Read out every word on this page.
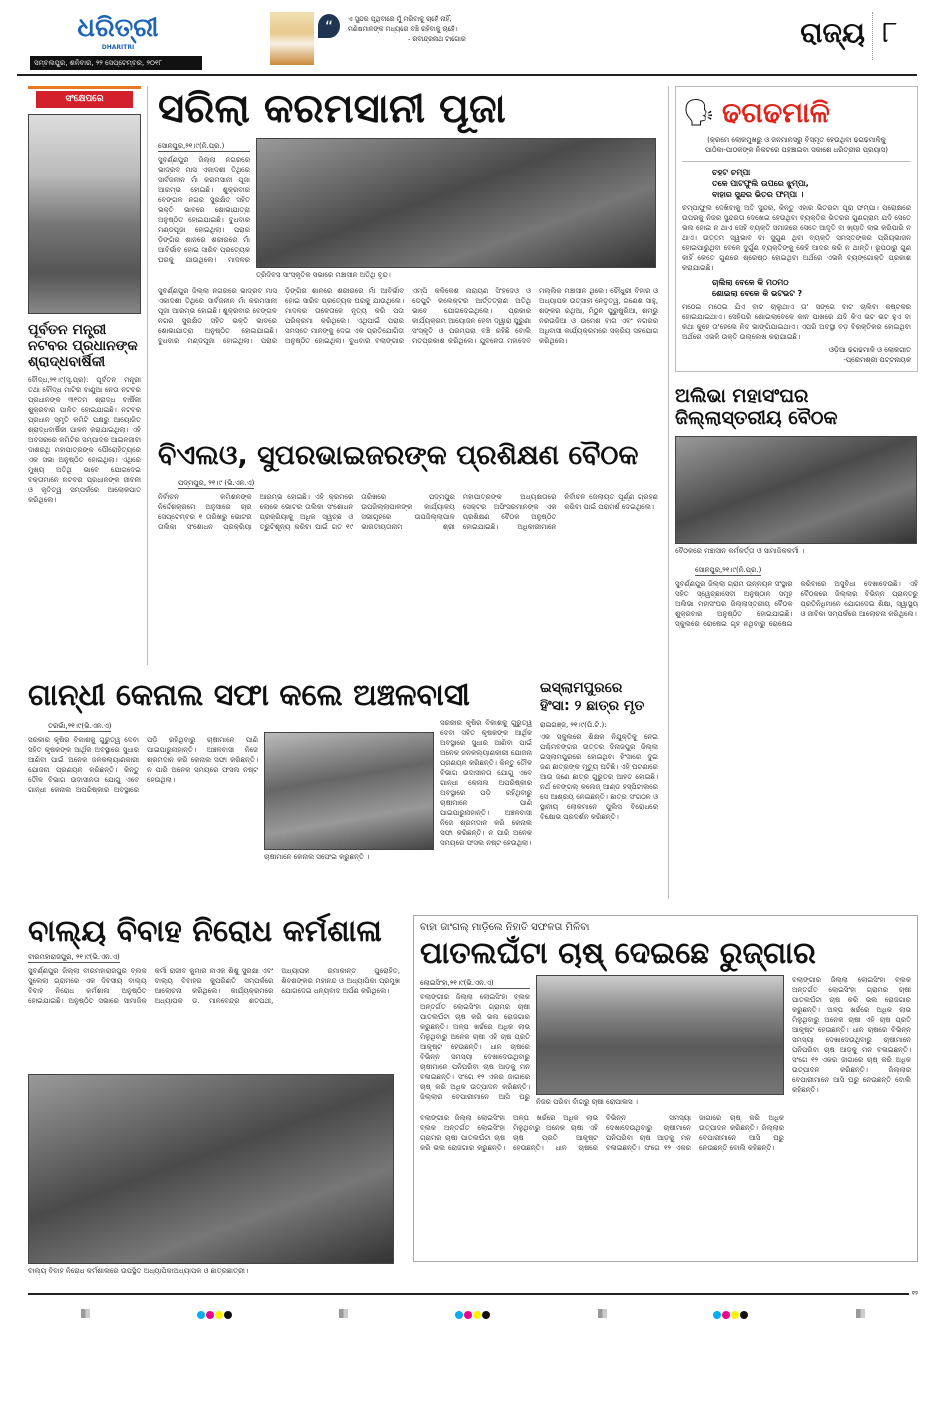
ଧରିତ୍ରୀ
DHARITRI
ସମ୍ବଲପୁର, ଶନିବାର, ୨୨ ସେପ୍ଟେମ୍ବର, ୨୦୧୮
“	ଏ ସୁନ୍ଦର ପୃଥିବୀରେ ମୁଁ ମରିବାକୁ ଚାହେଁ ନାହିଁ,
ମଣିଷମାନଙ୍କ ମଧ୍ୟରେ ବଞ୍ଚି ରହିବାକୁ ଚାହେଁ।
- ରବୀନ୍ଦ୍ରନାଥ ଟାଗୋର	ରାଜ୍ୟ ୮
ସଂକ୍ଷେପରେ
ପୂର୍ବତନ ମନ୍ତ୍ରୀ ନଟବର ପ୍ରଧାନଙ୍କ ଶ୍ରାଦ୍ଧବାର୍ଷିକୀ
ବୌଦ୍ଧ,୨୧।୯(ସୃ.ପ୍ର): ପୂର୍ବତନ ମନ୍ତ୍ରୀ ତଥା ବୌଦ୍ଧ ମାଟିର ବାଣୁଆ ନେତା ନଟବର ପ୍ରଧାନଙ୍କ ୩୧ତମ ଶ୍ରାଦ୍ଧ ବାର୍ଷିକୀ ଶୁକ୍ରବାର ପାଳିତ ହୋଇଯାଇଛି। ନଟବର ପ୍ରଧାନ ସ୍ମୃତି କମିଟି ପକ୍ଷରୁ ଆୟୋଜିତ ଶ୍ରାଦ୍ଧବାର୍ଷିକୀ ପାଳନ କରାଯାଇଥିଲା। ଏହି ଅବସରରେ କମିଟିର ସମ୍ପାଦକ ଆଇନଜୀବୀ ଦାଶରଥି ମହାପାତ୍ରଙ୍କ ପୌରୋହିତ୍ୟରେ ଏକ ସଭା ଅନୁଷ୍ଠିତ ହୋଇଥିଲା। ଏଥିରେ ମୁଖ୍ୟ ଅତିଥି ଭାବେ ଯୋଗଦେଇ ବକ୍ତାମାନେ ନଟବର ପ୍ରଧାନଙ୍କ ଜୀବନୀ ଓ କୃତିତ୍ୱ ସମ୍ପର୍କରେ ଆଲୋକପାତ କରିଥିଲେ।
ସରିଲା କରମସାନୀ ପୂଜା
ସୋନପୁର,୨୧।୯(ନି.ପ୍ର.)
ସୁବର୍ଣ୍ଣପୁର ଜିଲ୍ଲା ନଗରରେ ଭାଦ୍ରବ ମାସ ଏକାଦଶୀ ତିଥିରେ ସାର୍ବଜନୀନ ମାଁ କରମସାନୀ ପୂଜା ଆରମ୍ଭ ହୋଇଛି। ଶୁକ୍ରବାର ବେଙ୍ଗଳ ନଗର ସୁରକ୍ଷିତ ସହିତ ଭକ୍ତି ଭାବରେ ଶୋଭାଯାତ୍ରା ଅନୁଷ୍ଠିତ ହୋଇଯାଇଛି। ବୁଧବାର ମଣ୍ଡପୂଜା ହୋଇଥିଲା। ପରାର ଡ଼ିଙ୍ଗିର ଶାନରେ ଶରୀରରେ ମାଁ ଆବିର୍ଭାବ ହୋଇ ସାରିବ ପ୍ରତ୍ୟେକ ଘରକୁ ଯାଉଥିଲେ। ମାଦଳର
ତ୍ରିଦିବସ ସାଂସ୍କୃତିକ ସଭାରେ ମଞ୍ଚାସୀନ ଅତିଥି ବୃନ୍ଦ।
ସୁବର୍ଣ୍ଣପୁର ଜିଲ୍ଲା ନଗରରେ ଭାଦ୍ରବ ମାସ ଏକାଦଶୀ ତିଥିରେ ସାର୍ବଜନୀନ ମାଁ କରମସାନୀ ପୂଜା ଆରମ୍ଭ ହୋଇଛି। ଶୁକ୍ରବାର ବେଙ୍ଗଳ ନଗର ସୁରକ୍ଷିତ ସହିତ ଭକ୍ତି ଭାବରେ ଶୋଭାଯାତ୍ରା ଅନୁଷ୍ଠିତ ହୋଇଯାଇଛି। ବୁଧବାର ମଣ୍ଡପୂଜା ହୋଇଥିଲା। ପରାର ଡ଼ିଙ୍ଗିର ଶାନରେ ଶରୀରରେ ମାଁ ଆବିର୍ଭାବ ହୋଇ ସାରିବ ପ୍ରତ୍ୟେକ ଘରକୁ ଯାଉଥିଲେ। ମାଦଳର ତାଳେତାଳେ ନୃତ୍ୟ କରି ପତା ପରିକ୍ରମା କରିଥିଲେ। ଏଥିପାଇଁ ପରାର ସମସ୍ତେ ମାନଙ୍କୁ ଦେଇ ଏକ ପ୍ରତିଯୋଗିତା ଅନୁଷ୍ଠିତ ହୋଇଥିଲା। ବୁଧବାର ବଲାଙ୍ଗୀର ଏମ୍‌ପି କଳିକେଶ ନାରାୟଣ ସିଂହଦେଓ ଓ ଡେପୁଟି କଲେକ୍ଟର ଆର୍ତ୍ତତ୍ରାଣ ଅତିଥି ଭାବେ ଯୋଗଦେଇଥିଲେ। ପ୍ରକାର କାର୍ଯ୍ୟକ୍ରମ ଆୟୋଜନ ହେବା ଦ୍ୱାରା ପୁରୁଣା ସଂସ୍କୃତି ଓ ପରମ୍ପରା ବଞ୍ଚି ରହିଛି ବୋଲି ମତପ୍ରକାଶ କରିଥିଲେ। ଯୁବନେତା ମହାଦେବ ମଲ୍ଲିକ ମଞ୍ଚାସୀନ ଥିଲେ। ଚୌଧୁରୀ ବିହାର ଓ ଅଧ୍ୟାପକ ଉତ୍ସାହୀ ନେତୃତ୍ୱ, ଗଣେଶ ସାହୁ, ଶଙ୍କର ରଥିଆ, ମିଠୁନ ପୁରୁଷୁରିଆ, ଶମ୍ଭୁ ନରଉଜିଆ ଓ ଉମେଶ ବାଗ ଏବଂ ନଗରର ଅଧିବାସୀ କାର୍ଯ୍ୟକ୍ରମରେ ସକ୍ରିୟ ସହଯୋଗ କରିଥିଲେ।
ବିଏଲଓ, ସୁପରଭାଇଜରଙ୍କ ପ୍ରଶିକ୍ଷଣ ବୈଠକ
ପଦ୍ମପୁର, ୨୧।୯ (ଭି.ଏନ.ଏ)
ନିର୍ବାଚନ କମିଶନଙ୍କ ନିର୍ଦ୍ଦେଶକ୍ରମେ ଅନୁସାରେ ଚାର ସେପ୍ଟେମ୍ବର ୧ ତାରିଖରୁ ଭୋଟର ତାଲିକା ସଂଶୋଧନ ପ୍ରକ୍ରିୟା ଆରମ୍ଭ ହୋଇଛି। ଏହି କ୍ରମରେ ଲୋକେ ଭୋଟର ତାଲିକା ସଂଶୋଧନ ପ୍ରକ୍ରିୟାକୁ ଅଧିକ ସ୍ୱଚ୍ଛ ଓ ତ୍ରୁଟିଶୂନ୍ୟ କରିବା ପାଇଁ ଗତ ୧୯ ତାରିଖରେ ପଦ୍ମପୁର ଉପଜିଲ୍ଲାପାଳଙ୍କ କାର୍ଯ୍ୟାଳୟ ସଭାଗୃହରେ ଉପଜିଲ୍ଲାପାଳ ଭାରତୀୟତାନାମ ଶ୍ରୀ ମହାପାତ୍ରଙ୍କ ଅଧ୍ୟକ୍ଷତାରେ ସେକ୍ଟର ଅଫିସରମାନଙ୍କ ଏକ ପ୍ରଶିକ୍ଷଣ ବୈଠକ ଅନୁଷ୍ଠିତ ହୋଇଯାଇଛି। ଅଧିକାରୀମାନେ ନିର୍ବାଚନ ଜେଲାୟତ ପୂର୍ଣ୍ଣ ଗ୍ରହଣ କରିବା ପାଇଁ ପରାମର୍ଶ ଦେଇଥିଲେ।
ଗାନ୍ଧୀ କେନାଲ ସଫା କଲେ ଅଞ୍ଚଳବାସୀ
ତରଭାଁ,୨୧।୯(ଭି.ଏନ.ଏ)
ସରକାର କୃଷିର ବିକାଶକୁ ଗୁରୁତ୍ୱ ଦେବା ସହିତ କୃଷକଙ୍କ ଆର୍ଥିକ ଅବସ୍ଥାରେ ସୁଧାର ଆଣିବା ପାଇଁ ଅନେକ ଜନକଲ୍ୟାଣକାରୀ ଯୋଜନା ପ୍ରଣୟନ କରିଛନ୍ତି। କିନ୍ତୁ ତୌଳ ବିଭାଗ ଉଦାସୀନତା ଯୋଗୁ ଏବେ ଗାନ୍ଧୀ କେନାଲ ଅପରିଷ୍କାର ଅବସ୍ଥାରେ ପଡ଼ି ରହିଥିବାରୁ ଚାଷୀମାନେ ପାଣି ପାଇପାରୁନାହାନ୍ତି। ଅଞ୍ଚଳବାସୀ ନିଜେ ଶ୍ରମଦାନ କରି କେନାଲ ସଫା କରିଛନ୍ତି। ନ ପାରି ଅନେକ ସମୟରେ ଫସଲ ନଷ୍ଟ ହେଉଥିଲା।
ଚାଷୀମାନେ କେନାଲ ସଫେଇ କରୁଛନ୍ତି ।
ସରକାର କୃଷିର ବିକାଶକୁ ଗୁରୁତ୍ୱ ଦେବା ସହିତ କୃଷକଙ୍କ ଆର୍ଥିକ ଅବସ୍ଥାରେ ସୁଧାର ଆଣିବା ପାଇଁ ଅନେକ ଜନକଲ୍ୟାଣକାରୀ ଯୋଜନା ପ୍ରଣୟନ କରିଛନ୍ତି। କିନ୍ତୁ ତୌଳ ବିଭାଗ ଉଦାସୀନତା ଯୋଗୁ ଏବେ ଗାନ୍ଧୀ କେନାଲ ଅପରିଷ୍କାର ଅବସ୍ଥାରେ ପଡ଼ି ରହିଥିବାରୁ ଚାଷୀମାନେ ପାଣି ପାଇପାରୁନାହାନ୍ତି। ଅଞ୍ଚଳବାସୀ ନିଜେ ଶ୍ରମଦାନ କରି କେନାଲ ସଫା କରିଛନ୍ତି। ନ ପାରି ଅନେକ ସମୟରେ ଫସଲ ନଷ୍ଟ ହେଉଥିଲା।
ଇସ୍‌ଲାମପୁରରେ
ହିଂସା: ୨ ଛାତ୍ର ମୃତ
ରାଇଗଞ୍ଜ, ୨୧।୯(ପି.ଟି.):
ଏକ ସ୍କୁଲରେ ଶିକ୍ଷକ ନିଯୁକ୍ତିକୁ ନେଇ ପଶ୍ଚିମବଙ୍ଗର ଉତ୍ତର ଦିନାଜପୁର ଜିଲ୍ଲା ଇସ୍‌ଲାମପୁରରେ ହୋଇଥିବା ହିଂସାରେ ଦୁଇ ଜଣ ଛାତ୍ରଙ୍କ ମୃତ୍ୟୁ ଘଟିଛି। ଏହି ଘଟଣାରେ ଆଉ ଜଣେ ଛାତ୍ର ଗୁରୁତର ଆହତ ହୋଇଛି। ନର୍ଥ ବେଙ୍ଗଲ୍ କଲେଜ୍ ଆଣ୍ଡ ହସ୍ପିଟାଲରେ ସେ ଆଶ୍ରୟ ନେଇଛନ୍ତି। ଛାତ୍ର ସଂଗଠନ ଓ ସ୍ଥାନୀୟ ଲୋକମାନେ ପୁଲିସ ବିରୋଧରେ ବିକ୍ଷୋଭ ପ୍ରଦର୍ଶନ କରିଛନ୍ତି।
🗣 ଢଗଢମାଳି
(କ୍ରମେ ଲୋକମୁଖରୁ ଓ ଜନମାନସରୁ ବିସ୍ମୃତ ହେଉଥିବା ଢଗଢମାଳିକୁ ପାଠିକା-ପାଠକଙ୍କ ନିକଟରେ ପହଞ୍ଚାଇବା ସକାଶେ ଧରିତ୍ରୀର ପ୍ରୟାସ)
ଚହଟ ଚମ୍ପା
ତଳେ ପାଟଫୁଲି ଉପରେ ଝୁମ୍ପା,
ବାହାର ସୁନ୍ଦର ଭିତର ଫମ୍ପା ।
ଚମ୍ପାଫୁଲ ଦେଖିବାକୁ ଅତି ସୁନ୍ଦର, କିନ୍ତୁ ଏହାର ଭିତରଟା ପୂରା ଫମ୍ପା। ପରୋକ୍ଷରେ ଉପରକୁ ନିଜର ସୁନ୍ଦରତା ଦେଖେଇ ହେଉଥିବା ବ୍ୟକ୍ତିର ଭିତରର ଗୁଣଗ୍ରାମ ଯଦି ସେତେ ଭଲ ହୋଇ ନ ଥାଏ ସେହି ବ୍ୟକ୍ତି ସମାଜରେ ସେତେ ଆଦୃତି ବା ଖ୍ୟାତି ଲାଭ କରିପାରି ନ ଥାଏ। ଉତ୍ତମ ସ୍ୱଭାବ ବା ସୁଗୁଣ ଥିବା ବ୍ୟକ୍ତି ସମସ୍ତଙ୍କର ପ୍ରିୟଭାଜନ ହୋଇପାରୁଥିବା ବେଳେ ଦୁର୍ଗୁଣ ବ୍ୟକ୍ତିଙ୍କୁ କେହି ଆଦର କରି ନ ଥାନ୍ତି। ରୂପଠାରୁ ଗୁଣ କାହିଁ କେତେ ଗୁଣରେ ଶ୍ରେଷ୍ଠ ହୋଇଥିବା ଅର୍ଥରେ ଏଭଳି ବ୍ୟଙ୍ଗୋକ୍ତି ପ୍ରକାଶ କରାଯାଇଛି।
ଚାଲିଲା ବେଳେ କି ମଠମଠ
ଶୋଇଲା ବେଳେ କି ଭଟଭଟ ?
ମଠେଇ ମଠେଇ ଯିଏ ବାଟ ଚାଲୁଥାଏ ତା' ସଙ୍ଗେ ବାଟ ଚାଲିବା କଷ୍ଟକର ହୋଇଯାଇଥାଏ। ସେହିପରି ଶୋଇଲାବେଳେ କାନ ପାଖରେ ଯଦି କିଏ ଭଟ ଭଟ ହୁଏ ବା କଥା କୁହେ ତା'ହେଲେ ନିଦ ଭାଙ୍ଗିଯାଇଥାଏ। ଏପରି ଅବସ୍ଥା ବଡ଼ ବିରକ୍ତିକର ହୋଇଥିବା ଅର୍ଥରେ ଏଭଳି ଉକ୍ତି ଉଲ୍ଲେଖ କରାଯାଇଛି।
ଓଡ଼ିଆ ଢଗଢମାଳି ଓ ଲୋକଗୀତ
-ପ୍ରେମଶ୍ରୀ ପଟ୍ଟନାୟକ
ଅଲିଭା ମହାସଂଘର ଜିଲ୍ଲାସ୍ତରୀୟ ବୈଠକ
ବୈଠକରେ ମଞ୍ଚାସୀନ କର୍ମକର୍ତ୍ତା ଓ ସାମାଜିକକର୍ମୀ ।
ସୋନପୁର,୨୧।୯(ନି.ପ୍ର.)
ସୁବର୍ଣ୍ଣପୁର ଜିଲ୍ଲା ଗ୍ରାମ ଉନ୍ନୟନ ସଂସ୍ଥାର ସହିତ ସ୍ୱେଚ୍ଛାସେବୀ ଅନୁଷ୍ଠାନ ସମୂହ ଅଲିଭା ମହାସଂଘର ଜିଲ୍ଲାସ୍ତରୀୟ ବୈଠକ ଶୁକ୍ରବାର ଅନୁଷ୍ଠିତ ହୋଇଯାଇଛି। ସ୍କୁଲରେ ରୋଷେଇ ଗୃହ ନଥିବାରୁ ରୋଷେଇ କରିବାରେ ଅସୁବିଧା ଦେଖାଦେଉଛି। ଏହି ବୈଠକରେ ଜିଲ୍ଲାର ବିଭିନ୍ନ ପ୍ରାନ୍ତରୁ ପ୍ରତିନିଧିମାନେ ଯୋଗଦେଇ ଶିକ୍ଷା, ସ୍ୱାସ୍ଥ୍ୟ ଓ ଜୀବିକା ସମ୍ପର୍କରେ ଆଲୋଚନା କରିଥିଲେ।
ବାଲ୍ୟ ବିବାହ ନିରୋଧ କର୍ମଶାଳା
ବୀରମହାରାଜପୁର, ୨୧।୯(ଭି.ଏନ.ଏ)
ସୁବର୍ଣ୍ଣପୁର ଜିଲ୍ଲା ବୀରମହାରାଜପୁର ବ୍ଲକ ସୁଲେଲା ଗ୍ରାମରେ ଏକ ଦିବସୀୟ ବାଲ୍ୟ ବିବାହ ନିରୋଧ କର୍ମଶାଳା ଅନୁଷ୍ଠିତ ହୋଇଯାଇଛି। ଅନୁଷ୍ଠିତ ସଭାରେ ସାମାଜିକ କର୍ମୀ ରାଜୀବ କୁମାର ନାଏକ ଶିଶୁ ସୁରକ୍ଷା ଏବଂ ବାଲ୍ୟ ବିବାହର କୁପରିଣତି ସମ୍ପର୍କରେ ଆଲୋଚନା କରିଥିଲେ। କାର୍ଯ୍ୟକ୍ରମରେ ଅଧ୍ୟାପକ ଡ. ମାନବେନ୍ଦ୍ର ଶତପଥୀ, ଅଧ୍ୟାପକ ରମାକାନ୍ତ ପୁରୋହିତ, ଶିବଶଙ୍କର ମହାନନ୍ଦ ଓ ଅଧ୍ୟାପିକା ପ୍ରମୁଖ ଯୋଗଦେଇ ଧନ୍ୟବାଦ ଅର୍ପଣ କରିଥିଲେ।
ବାଲ୍ୟ ବିବାହ ନିରୋଧ କର୍ମଶାଳାରେ ଉପସ୍ଥିତ ଅଧ୍ୟାପିକାଅଧ୍ୟାପକ ଓ ଛାତ୍ରଛାତ୍ରୀ।
ବାହା ଜାଂଗଲ୍ ମାଡ଼ିଲେ ନିହାତି ସଫଳତା ମିଳିବା
ପାତଲଘଁଟା ଚାଷ୍ ଦେଇଛେ ରୁଜ୍‌ଗାର
ଲୋଇସିଂହା,୨୧।୯(ଭି.ଏନ.ଏ)
ବଲାଙ୍ଗୀର ଜିଲ୍ଲା ଲୋଇସିଂହା ବ୍ଲକ ଅନ୍ତର୍ଗତ ଲୋଇସିଂହା ଗ୍ରାମର ଚାଷୀ ପାତଲଘଁଟା ଚାଷ କରି ଭଲ ରୋଜଗାର କରୁଛନ୍ତି। ଅଳ୍ପ ଖର୍ଚ୍ଚରେ ଅଧିକ ଲାଭ ମିଳୁଥିବାରୁ ଅନେକ ଚାଷୀ ଏହି ଚାଷ ପ୍ରତି ଆକୃଷ୍ଟ ହେଉଛନ୍ତି। ଧାନ ଚାଷରେ ବିଭିନ୍ନ ସମସ୍ୟା ଦେଖାଦେଉଥିବାରୁ ଚାଷୀମାନେ ପନିପରିବା ଚାଷ ଆଡ଼କୁ ମନ ବଳାଇଛନ୍ତି। ସଂଗେ ୧୨ ଏକର ଜାଗାରେ ଚାଷ୍ କରି ଅଧିକ ଉତ୍ପାଦନ କରିଛନ୍ତି। ଜିଲ୍ଲାର ବେପାରୀମାନେ ଆସି ଘରୁ
ନିଜର ପରିବା ବାଁଗରୁ ଚାଷୀ ରୋପାଳାସ ।
ବଲାଙ୍ଗୀର ଜିଲ୍ଲା ଲୋଇସିଂହା ବ୍ଲକ ଅନ୍ତର୍ଗତ ଲୋଇସିଂହା ଗ୍ରାମର ଚାଷୀ ପାତଲଘଁଟା ଚାଷ କରି ଭଲ ରୋଜଗାର କରୁଛନ୍ତି। ଅଳ୍ପ ଖର୍ଚ୍ଚରେ ଅଧିକ ଲାଭ ମିଳୁଥିବାରୁ ଅନେକ ଚାଷୀ ଏହି ଚାଷ ପ୍ରତି ଆକୃଷ୍ଟ ହେଉଛନ୍ତି। ଧାନ ଚାଷରେ ବିଭିନ୍ନ ସମସ୍ୟା ଦେଖାଦେଉଥିବାରୁ ଚାଷୀମାନେ ପନିପରିବା ଚାଷ ଆଡ଼କୁ ମନ ବଳାଇଛନ୍ତି। ସଂଗେ ୧୨ ଏକର ଜାଗାରେ ଚାଷ୍ କରି ଅଧିକ ଉତ୍ପାଦନ କରିଛନ୍ତି। ଜିଲ୍ଲାର ବେପାରୀମାନେ ଆସି ଘରୁ ନେଉଛନ୍ତି ବୋଲି କହିଛନ୍ତି।
ବଲାଙ୍ଗୀର ଜିଲ୍ଲା ଲୋଇସିଂହା ବ୍ଲକ ଅନ୍ତର୍ଗତ ଲୋଇସିଂହା ଗ୍ରାମର ଚାଷୀ ପାତଲଘଁଟା ଚାଷ କରି ଭଲ ରୋଜଗାର କରୁଛନ୍ତି। ଅଳ୍ପ ଖର୍ଚ୍ଚରେ ଅଧିକ ଲାଭ ମିଳୁଥିବାରୁ ଅନେକ ଚାଷୀ ଏହି ଚାଷ ପ୍ରତି ଆକୃଷ୍ଟ ହେଉଛନ୍ତି। ଧାନ ଚାଷରେ ବିଭିନ୍ନ ସମସ୍ୟା ଦେଖାଦେଉଥିବାରୁ ଚାଷୀମାନେ ପନିପରିବା ଚାଷ ଆଡ଼କୁ ମନ ବଳାଇଛନ୍ତି। ସଂଗେ ୧୨ ଏକର ଜାଗାରେ ଚାଷ୍ କରି ଅଧିକ ଉତ୍ପାଦନ କରିଛନ୍ତି। ଜିଲ୍ଲାର ବେପାରୀମାନେ ଆସି ଘରୁ ନେଉଛନ୍ତି ବୋଲି କହିଛନ୍ତି।
୧୨
